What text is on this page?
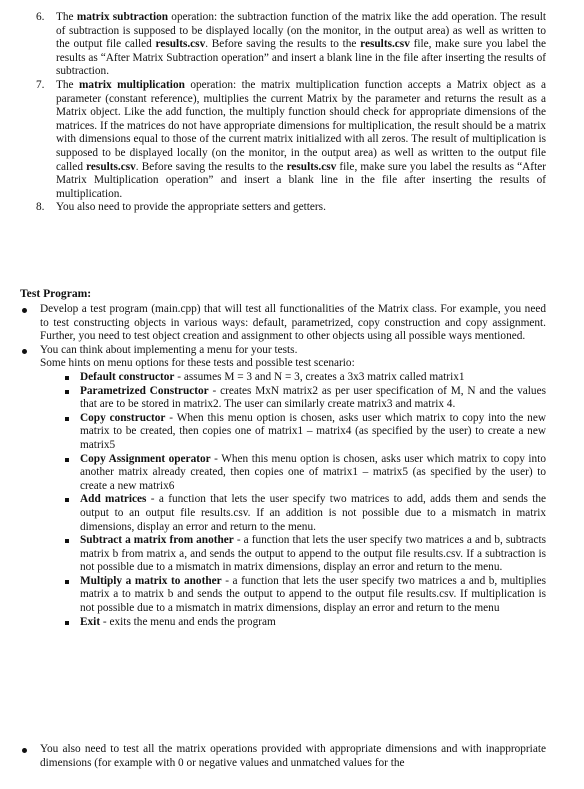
6. The matrix subtraction operation: the subtraction function of the matrix like the add operation. The result of subtraction is supposed to be displayed locally (on the monitor, in the output area) as well as written to the output file called results.csv. Before saving the results to the results.csv file, make sure you label the results as “After Matrix Subtraction operation” and insert a blank line in the file after inserting the results of subtraction.

7. The matrix multiplication operation: the matrix multiplication function accepts a Matrix object as a parameter (constant reference), multiplies the current Matrix by the parameter and returns the result as a Matrix object. Like the add function, the multiply function should check for appropriate dimensions of the matrices. If the matrices do not have appropriate dimensions for multiplication, the result should be a matrix with dimensions equal to those of the current matrix initialized with all zeros. The result of multiplication is supposed to be displayed locally (on the monitor, in the output area) as well as written to the output file called results.csv. Before saving the results to the results.csv file, make sure you label the results as “After Matrix Multiplication operation” and insert a blank line in the file after inserting the results of multiplication.

8. You also need to provide the appropriate setters and getters.

Test Program:

Develop a test program (main.cpp) that will test all functionalities of the Matrix class. For example, you need to test constructing objects in various ways: default, parametrized, copy construction and copy assignment. Further, you need to test object creation and assignment to other objects using all possible ways mentioned.

You can think about implementing a menu for your tests.

Some hints on menu options for these tests and possible test scenario:

Default constructor - assumes M = 3 and N = 3, creates a 3x3 matrix called matrix1

Parametrized Constructor - creates MxN matrix2 as per user specification of M, N and the values that are to be stored in matrix2. The user can similarly create matrix3 and matrix 4.

Copy constructor - When this menu option is chosen, asks user which matrix to copy into the new matrix to be created, then copies one of matrix1 – matrix4 (as specified by the user) to create a new matrix5

Copy Assignment operator - When this menu option is chosen, asks user which matrix to copy into another matrix already created, then copies one of matrix1 – matrix5 (as specified by the user) to create a new matrix6

Add matrices - a function that lets the user specify two matrices to add, adds them and sends the output to an output file results.csv. If an addition is not possible due to a mismatch in matrix dimensions, display an error and return to the menu.

Subtract a matrix from another - a function that lets the user specify two matrices a and b, subtracts matrix b from matrix a, and sends the output to append to the output file results.csv. If a subtraction is not possible due to a mismatch in matrix dimensions, display an error and return to the menu.

Multiply a matrix to another - a function that lets the user specify two matrices a and b, multiplies matrix a to matrix b and sends the output to append to the output file results.csv. If multiplication is not possible due to a mismatch in matrix dimensions, display an error and return to the menu

Exit - exits the menu and ends the program

You also need to test all the matrix operations provided with appropriate dimensions and with inappropriate dimensions (for example with 0 or negative values and unmatched values for the
